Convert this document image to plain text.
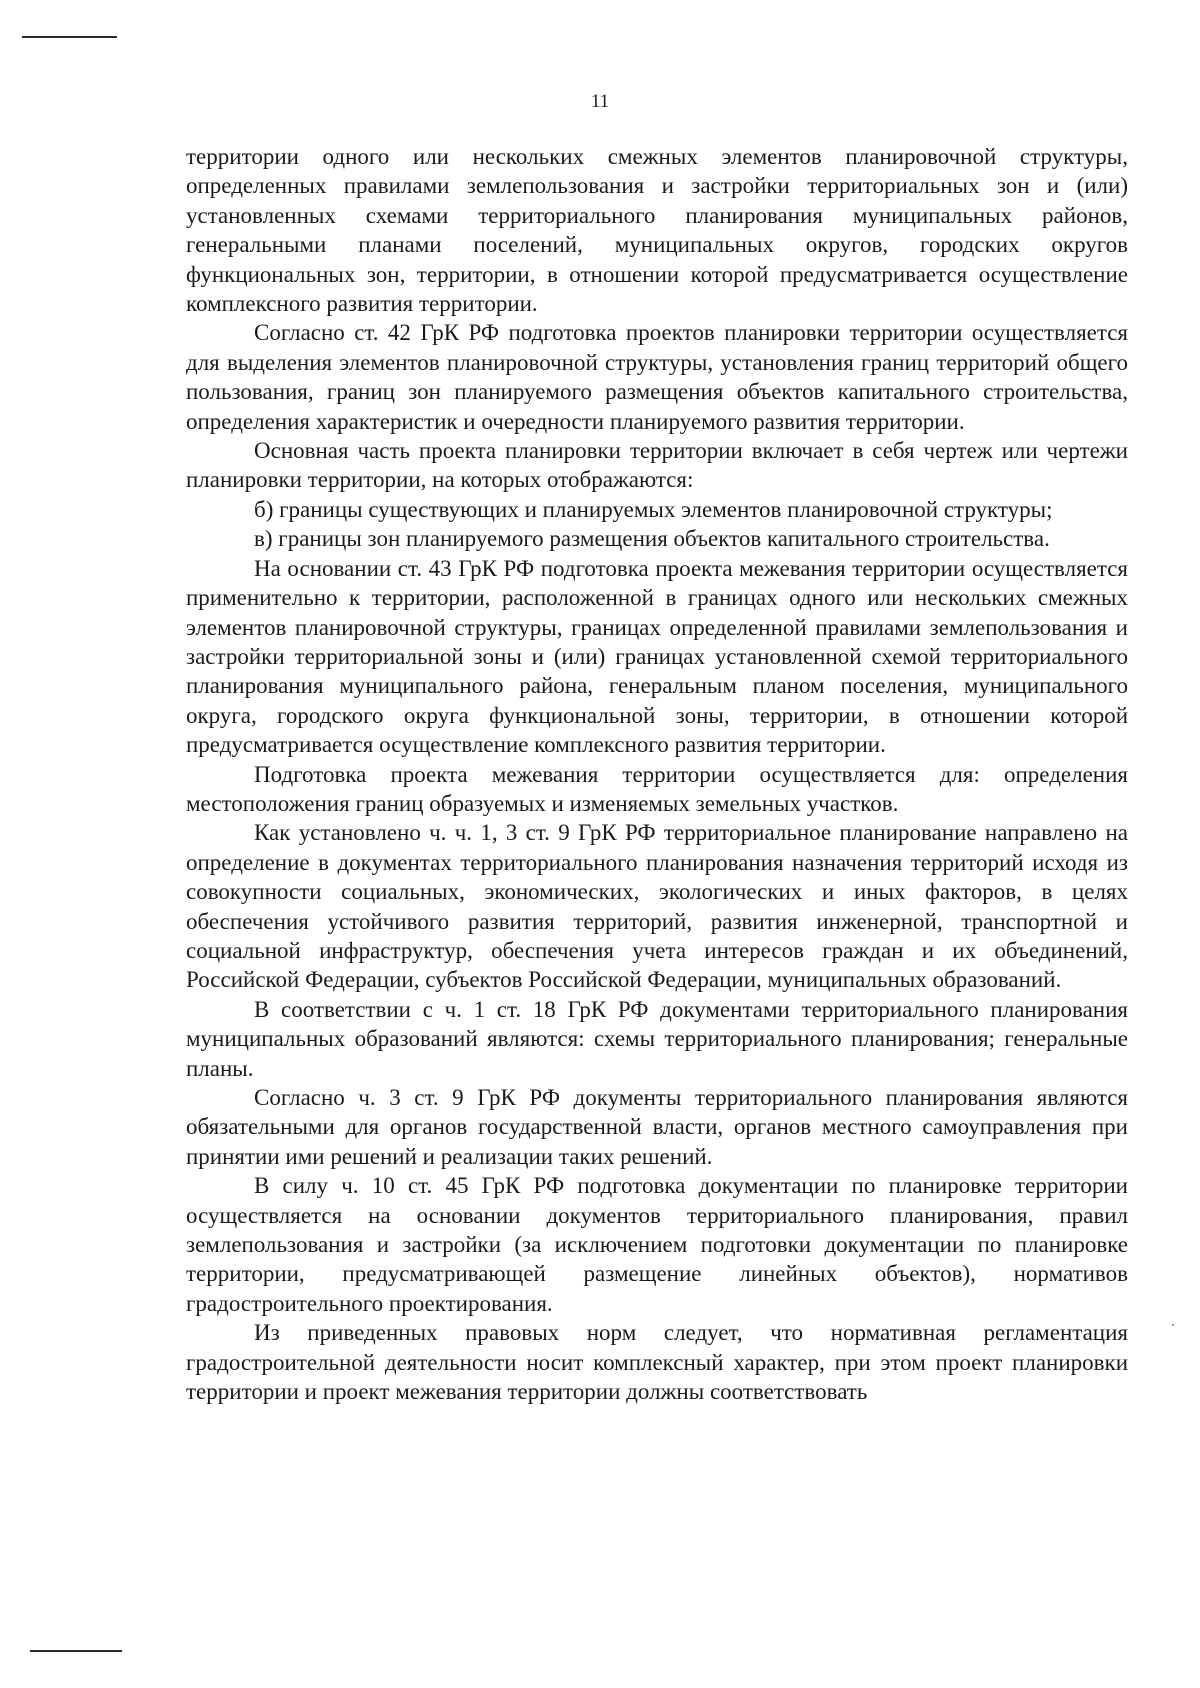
11

территории одного или нескольких смежных элементов планировочной структуры, определенных правилами землепользования и застройки территориальных зон и (или) установленных схемами территориального планирования муниципальных районов, генеральными планами поселений, муниципальных округов, городских округов функциональных зон, территории, в отношении которой предусматривается осуществление комплексного развития территории.

Согласно ст. 42 ГрК РФ подготовка проектов планировки территории осуществляется для выделения элементов планировочной структуры, установления границ территорий общего пользования, границ зон планируемого размещения объектов капитального строительства, определения характеристик и очередности планируемого развития территории.

Основная часть проекта планировки территории включает в себя чертеж или чертежи планировки территории, на которых отображаются:

б) границы существующих и планируемых элементов планировочной структуры;

в) границы зон планируемого размещения объектов капитального строительства.

На основании ст. 43 ГрК РФ подготовка проекта межевания территории осуществляется применительно к территории, расположенной в границах одного или нескольких смежных элементов планировочной структуры, границах определенной правилами землепользования и застройки территориальной зоны и (или) границах установленной схемой территориального планирования муниципального района, генеральным планом поселения, муниципального округа, городского округа функциональной зоны, территории, в отношении которой предусматривается осуществление комплексного развития территории.

Подготовка проекта межевания территории осуществляется для: определения местоположения границ образуемых и изменяемых земельных участков.

Как установлено ч. ч. 1, 3 ст. 9 ГрК РФ территориальное планирование направлено на определение в документах территориального планирования назначения территорий исходя из совокупности социальных, экономических, экологических и иных факторов, в целях обеспечения устойчивого развития территорий, развития инженерной, транспортной и социальной инфраструктур, обеспечения учета интересов граждан и их объединений, Российской Федерации, субъектов Российской Федерации, муниципальных образований.

В соответствии с ч. 1 ст. 18 ГрК РФ документами территориального планирования муниципальных образований являются: схемы территориального планирования; генеральные планы.

Согласно ч. 3 ст. 9 ГрК РФ документы территориального планирования являются обязательными для органов государственной власти, органов местного самоуправления при принятии ими решений и реализации таких решений.

В силу ч. 10 ст. 45 ГрК РФ подготовка документации по планировке территории осуществляется на основании документов территориального планирования, правил землепользования и застройки (за исключением подготовки документации по планировке территории, предусматривающей размещение линейных объектов), нормативов градостроительного проектирования.

Из приведенных правовых норм следует, что нормативная регламентация градостроительной деятельности носит комплексный характер, при этом проект планировки территории и проект межевания территории должны соответствовать
